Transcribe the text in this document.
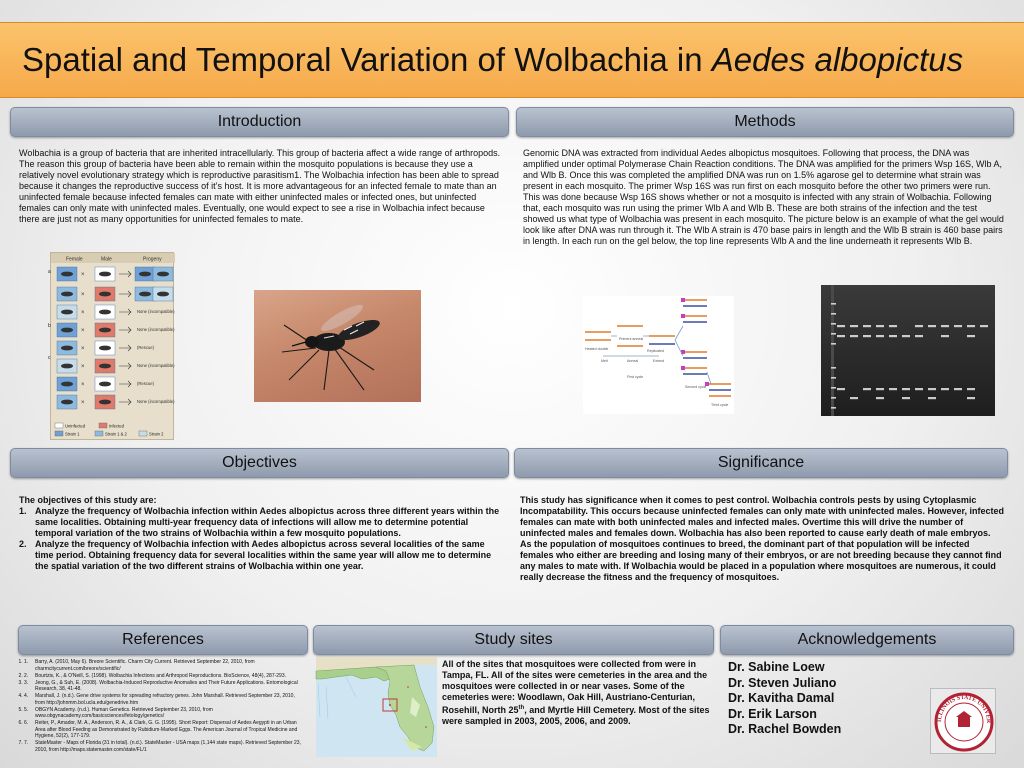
Spatial and Temporal Variation of Wolbachia in Aedes albopictus
Introduction	Methods
Objectives	Significance
References	Study sites	Acknowledgements
Wolbachia is a group of bacteria that are inherited intracellularly. This group of bacteria affect a wide range of arthropods. The reason this group of bacteria have been able to remain within the mosquito populations is because they use a relatively novel evolutionary strategy which is reproductive parasitism1. The Wolbachia infection has been able to spread because it changes the reproductive success of it’s host. It is more advantageous for an infected female to mate than an uninfected female because infected females can mate with either uninfected males or infected ones, but uninfected females can only mate with uninfected males. Eventually, one would expect to see a rise in Wolbachia infect because there are just not as many opportunities for uninfected females to mate.
Female	Male	Progeny
a
b
c
×
×
×	None (incompatible)
×	None (incompatible)
×	(Rescue)
×	None (incompatible)
×	(Rescue)
×	None (incompatible)
Uninfected	Infected
Strain 1	Strain 1 & 2	Strain 2
Genomic DNA was extracted from individual Aedes albopictus mosquitoes. Following that process, the DNA was amplified under optimal Polymerase Chain Reaction conditions. The DNA was amplified for the primers Wsp 16S, Wlb A, and Wlb B. Once this was completed the amplified DNA was run on 1.5% agarose gel to determine what strain was present in each mosquito. The primer Wsp 16S was run first on each mosquito before the other two primers were run. This was done because Wsp 16S shows whether or not a mosquito is infected with any strain of Wolbachia. Following that, each mosquito was run using the primer Wlb A and Wlb B. These are both strains of the infection and the test showed us what type of Wolbachia was present in each mosquito. The picture below is an example of what the gel would look like after DNA was run through it. The Wlb A strain is 470 base pairs in length and the Wlb B strain is 460 base pairs in length. In each run on the gel below, the top line represents Wlb A and the line underneath it represents Wlb B.
Heated double
Primers anneal
Replicated
Melt	Anneal	Extend
First cycle
Second cycle
Third cycle
The objectives of this study are:
1. Analyze the frequency of Wolbachia infection within Aedes albopictus across three different years within the same localities. Obtaining multi-year frequency data of infections will allow me to determine potential temporal variation of the two strains of Wolbachia within a few mosquito populations.
2. Analyze the frequency of Wolbachia infection with Aedes albopictus across several localities of the same time period. Obtaining frequency data for several localities within the same year will allow me to determine the spatial variation of the two different strains of Wolbachia within one year.
This study has significance when it comes to pest control. Wolbachia controls pests by using Cytoplasmic Incompatability. This occurs because uninfected females can only mate with uninfected males. However, infected females can mate with both uninfected males and infected males. Overtime this will drive the number of uninfected males and females down. Wolbachia has also been reported to cause early death of male embryos. As the population of mosquitoes continues to breed, the dominant part of that population will be infected females who either are breeding and losing many of their embryos, or are not breeding because they cannot find any males to mate with. If Wolbachia would be placed in a population where mosquitoes are numerous, it could really decrease the fitness and the frequency of mosquitoes.
1. 1. Barry, A. (2010, May 6). Breore Scientific. Charm City Current. Retrieved September 22, 2010, from charmcitycurrent.com/breore/scientific/
2. 2. Bourtzis, K., & O'Neill, S. (1998). Wolbachia Infections and Arthropod Reproductions. BioScience, 48(4), 287-293.
3. 3. Jeong, G., & Suh, E. (2008). Wolbachia-Induced Reproductive Anomalies and Their Future Applications. Entomological Research, 38, 41-48.
4. 4. Marshall, J. (n.d.). Gene drive systems for spreading refractory genes. John Marshall. Retrieved September 23, 2010, from http://johnmm.bol.ucla.edu/genedrive.htm
5. 5. OBGYN Academy. (n.d.). Human Genetics. Retrieved September 23, 2010, from www.obgynacademy.com/basicsciences/fetology/genetics/
6. 6. Reiter, P., Amador, M. A., Anderson, R. A., & Clark, G. G. (1995). Short Report: Dispersal of Aedes Aegypti in an Urban Area after Blood Feeding as Demonstrated by Rubidium-Marked Eggs. The American Journal of Tropical Medicine and Hygiene, 52(2), 177-179.
7. 7. StateMaster - Maps of Florida (31 in total). (n.d.). StateMaster - USA maps (1,144 state maps). Retrieved September 23, 2010, from http://maps.statemaster.com/state/FL/1
All of the sites that mosquitoes were collected from were in Tampa, FL. All of the sites were cemeteries in the area and the mosquitoes were collected in or near vases. Some of the cemeteries were: Woodlawn, Oak Hill, Austriano-Centurian, Rosehill, North 25th, and Myrtle Hill Cemetery. Most of the sites were sampled in 2003, 2005, 2006, and 2009.
Dr. Sabine Loew
Dr. Steven Juliano
Dr. Kavitha Damal
Dr. Erik Larson
Dr. Rachel Bowden
ILLINOIS STATE UNIVER
